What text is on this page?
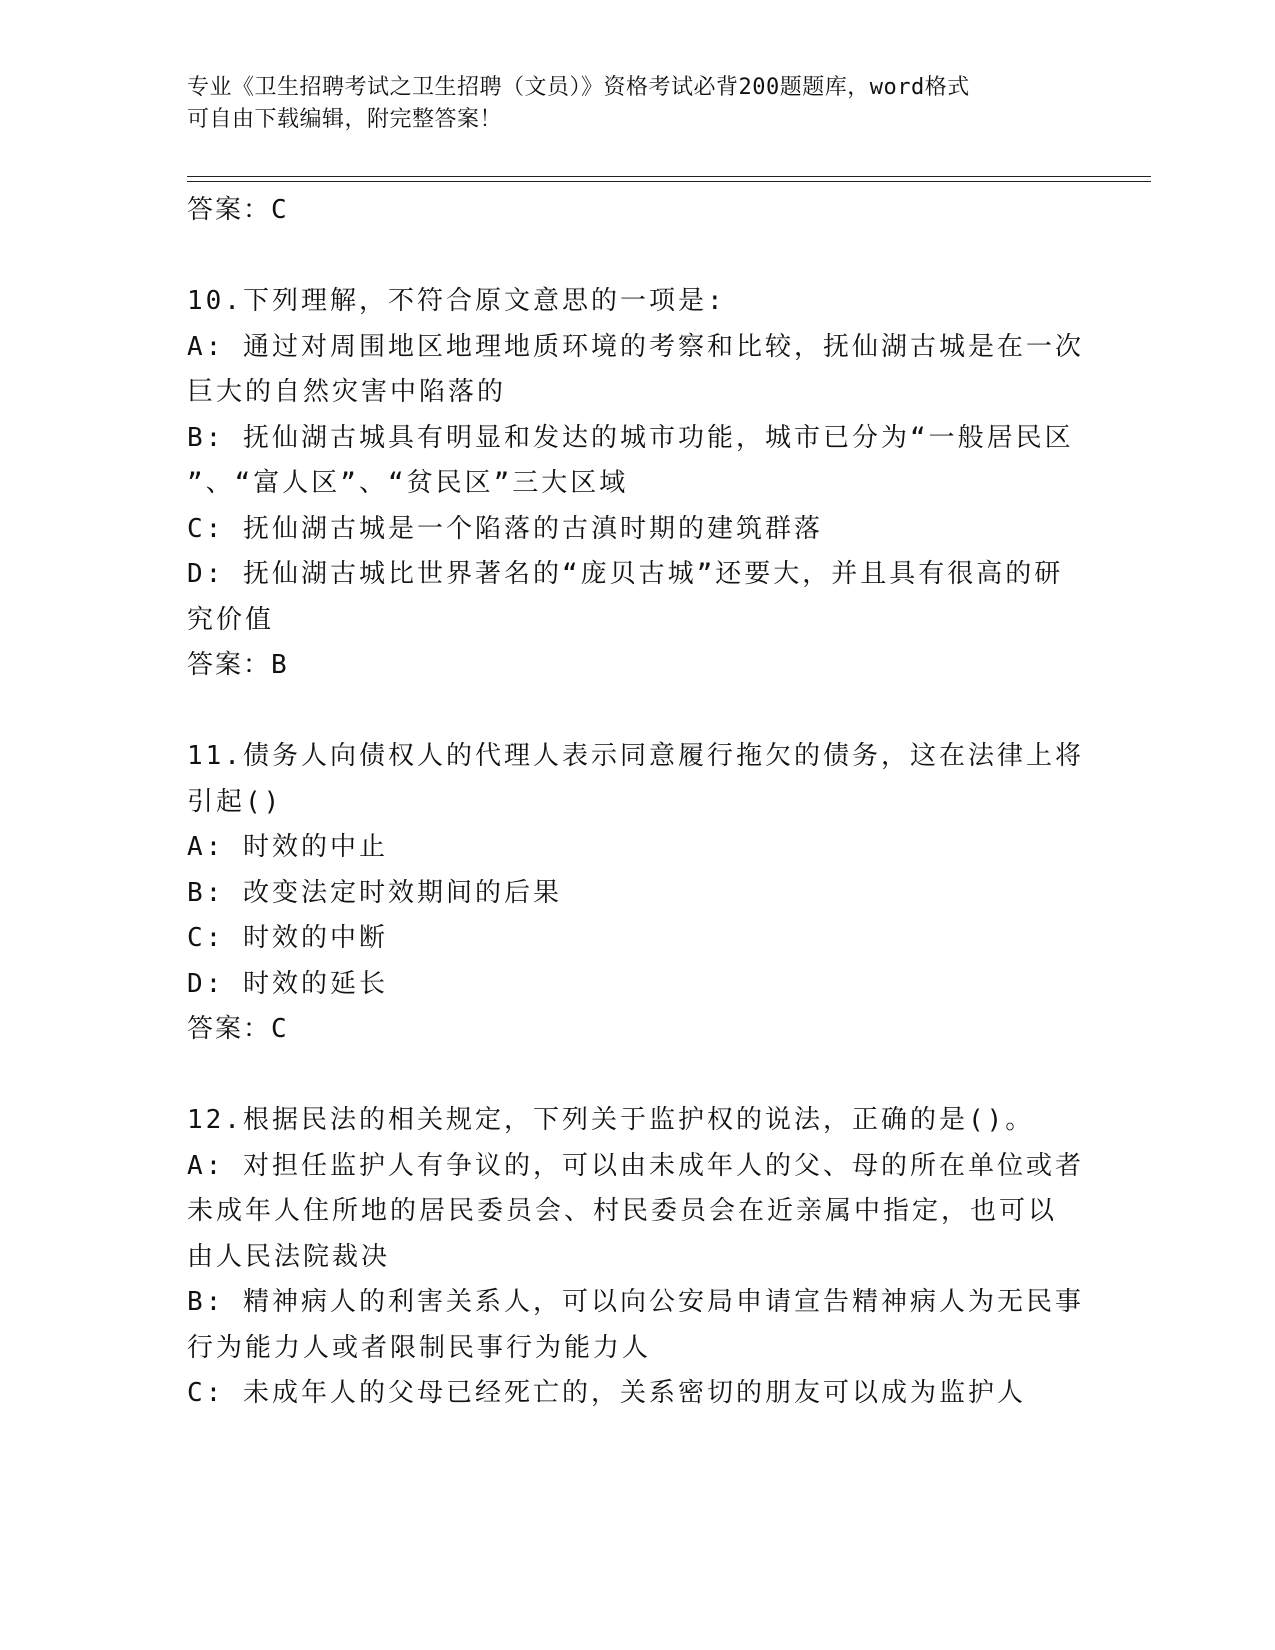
专业《卫生招聘考试之卫生招聘（文员）》资格考试必背200题题库，word格式
可自由下载编辑，附完整答案！
答案：C
10.下列理解，不符合原文意思的一项是:
A: 通过对周围地区地理地质环境的考察和比较，抚仙湖古城是在一次
巨大的自然灾害中陷落的
B: 抚仙湖古城具有明显和发达的城市功能，城市已分为“一般居民区
”、“富人区”、“贫民区”三大区域
C: 抚仙湖古城是一个陷落的古滇时期的建筑群落
D: 抚仙湖古城比世界著名的“庞贝古城”还要大，并且具有很高的研
究价值
答案：B
11.债务人向债权人的代理人表示同意履行拖欠的债务，这在法律上将
引起()
A: 时效的中止
B: 改变法定时效期间的后果
C: 时效的中断
D: 时效的延长
答案：C
12.根据民法的相关规定，下列关于监护权的说法，正确的是()。
A: 对担任监护人有争议的，可以由未成年人的父、母的所在单位或者
未成年人住所地的居民委员会、村民委员会在近亲属中指定，也可以
由人民法院裁决
B: 精神病人的利害关系人，可以向公安局申请宣告精神病人为无民事
行为能力人或者限制民事行为能力人
C: 未成年人的父母已经死亡的，关系密切的朋友可以成为监护人
